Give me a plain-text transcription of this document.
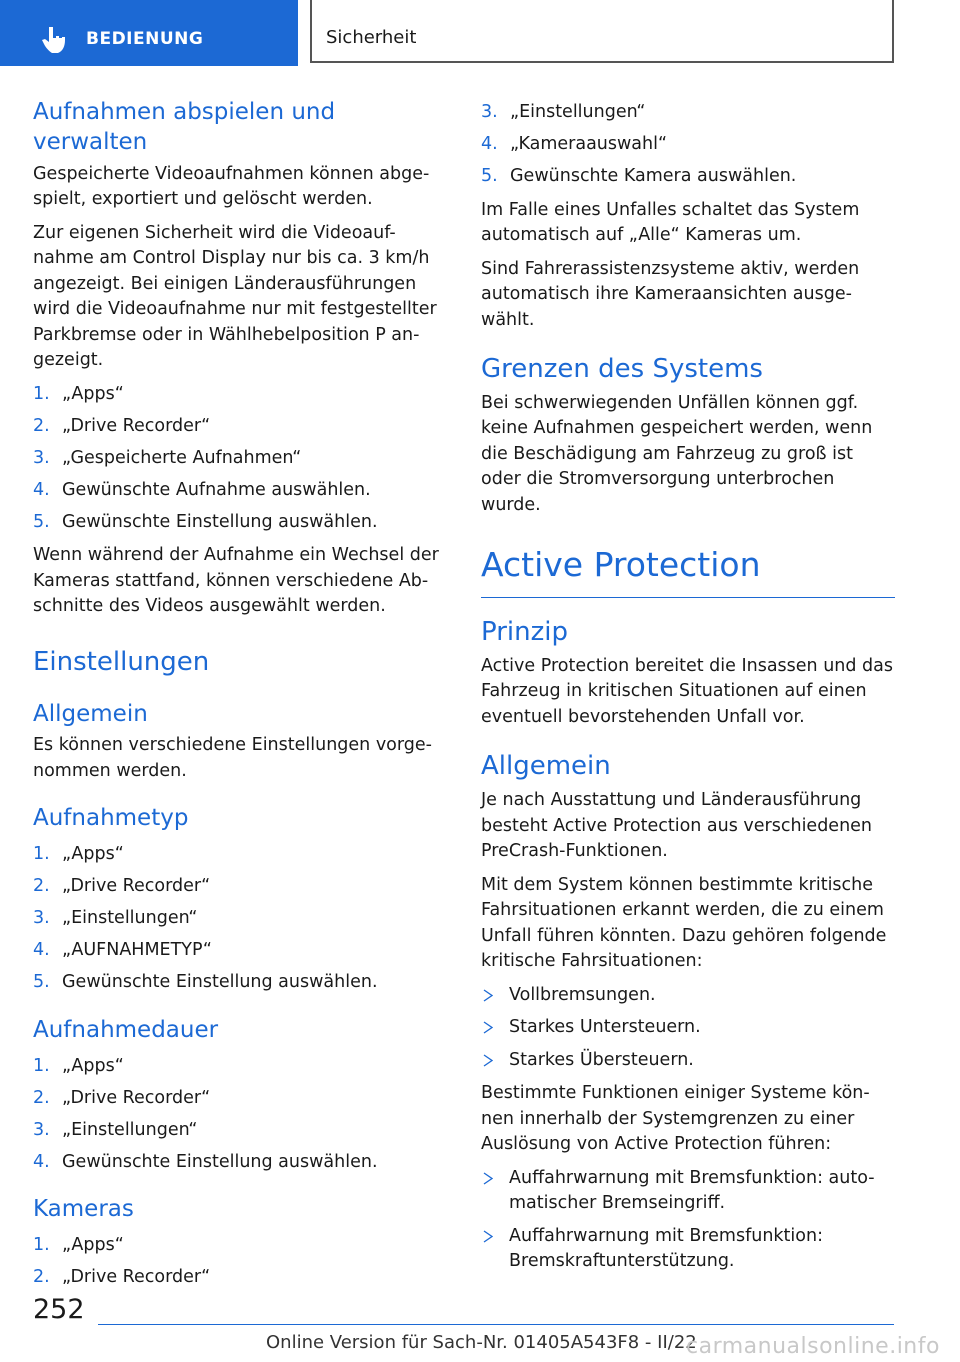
BEDIENUNG	Sicherheit
Aufnahmen abspielen und verwalten

Gespeicherte Videoaufnahmen können abge-spielt, exportiert und gelöscht werden.

Zur eigenen Sicherheit wird die Videoauf-nahme am Control Display nur bis ca. 3 km/h angezeigt. Bei einigen Länderausführungen wird die Videoaufnahme nur mit festgestellter Parkbremse oder in Wählhebelposition P an-gezeigt.

1. „Apps“
2. „Drive Recorder“
3. „Gespeicherte Aufnahmen“
4. Gewünschte Aufnahme auswählen.
5. Gewünschte Einstellung auswählen.

Wenn während der Aufnahme ein Wechsel der Kameras stattfand, können verschiedene Ab-schnitte des Videos ausgewählt werden.

Einstellungen
Allgemein

Es können verschiedene Einstellungen vorge-nommen werden.

Aufnahmetyp
1. „Apps“
2. „Drive Recorder“
3. „Einstellungen“
4. „AUFNAHMETYP“
5. Gewünschte Einstellung auswählen.
Aufnahmedauer
1. „Apps“
2. „Drive Recorder“
3. „Einstellungen“
4. Gewünschte Einstellung auswählen.
Kameras
1. „Apps“
2. „Drive Recorder“
3. „Einstellungen“
4. „Kameraauswahl“
5. Gewünschte Kamera auswählen.

Im Falle eines Unfalles schaltet das System automatisch auf „Alle“ Kameras um.

Sind Fahrerassistenzsysteme aktiv, werden automatisch ihre Kameraansichten ausge-wählt.

Grenzen des Systems

Bei schwerwiegenden Unfällen können ggf. keine Aufnahmen gespeichert werden, wenn die Beschädigung am Fahrzeug zu groß ist oder die Stromversorgung unterbrochen wurde.

Active Protection
Prinzip

Active Protection bereitet die Insassen und das Fahrzeug in kritischen Situationen auf einen eventuell bevorstehenden Unfall vor.

Allgemein

Je nach Ausstattung und Länderausführung besteht Active Protection aus verschiedenen PreCrash-Funktionen.

Mit dem System können bestimmte kritische Fahrsituationen erkannt werden, die zu einem Unfall führen könnten. Dazu gehören folgende kritische Fahrsituationen:

Vollbremsungen.
Starkes Untersteuern.
Starkes Übersteuern.

Bestimmte Funktionen einiger Systeme kön-nen innerhalb der Systemgrenzen zu einer Auslösung von Active Protection führen:

Auffahrwarnung mit Bremsfunktion: auto-matischer Bremseingriff.
Auffahrwarnung mit Bremsfunktion: Bremskraftunterstützung.
252
Online Version für Sach-Nr. 01405A543F8 - II/22
carmanualsonline.info
